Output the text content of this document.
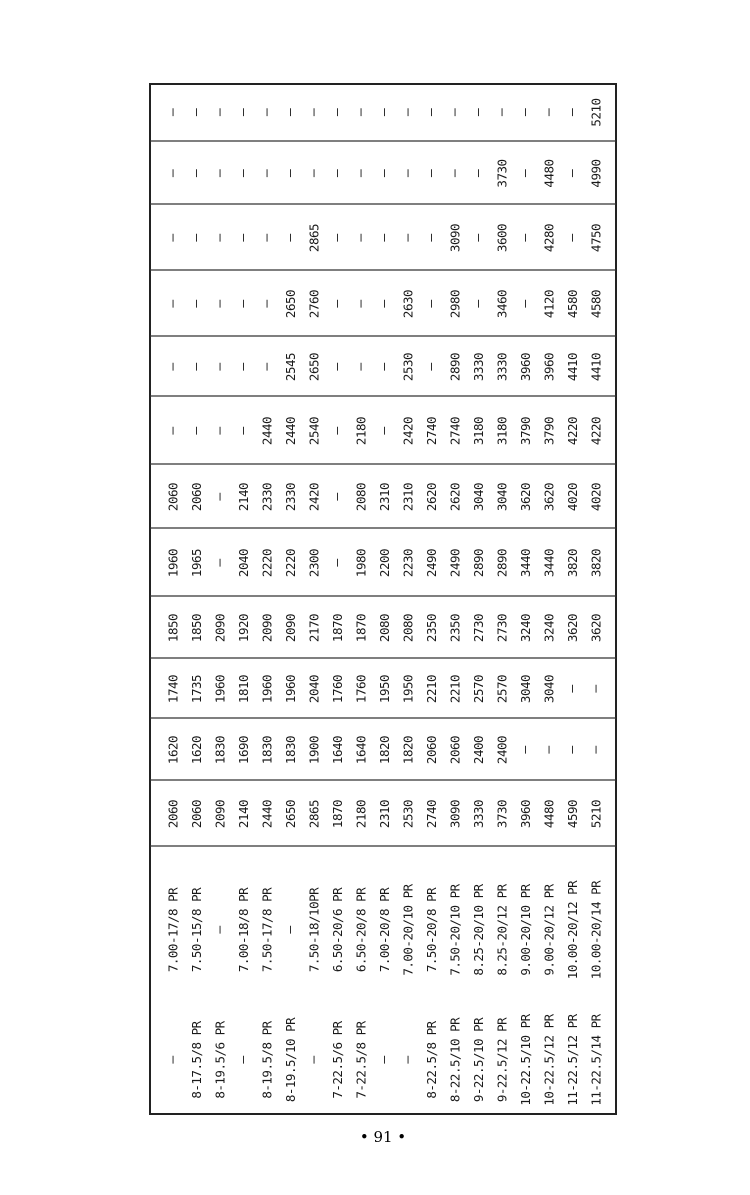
— 8-17.5/8 PR 8-19.5/6 PR — 8-19.5/8 PR 8-19.5/10 PR — 7-22.5/6 PR 7-22.5/8 PR — — 8-22.5/8 PR 8-22.5/10 PR 9-22.5/10 PR 9-22.5/12 PR 10-22.5/10 PR 10-22.5/12 PR 11-22.5/12 PR 11-22.5/14 PR
7.00-17/8 PR 7.50-15/8 PR — 7.00-18/8 PR 7.50-17/8 PR — 7.50-18/10PR 6.50-20/6 PR 6.50-20/8 PR 7.00-20/8 PR 7.00-20/10 PR 7.50-20/8 PR 7.50-20/10 PR 8.25-20/10 PR 8.25-20/12 PR 9.00-20/10 PR 9.00-20/12 PR 10.00-20/12 PR 10.00-20/14 PR
2060 2060 2090 2140 2440 2650 2865 1870 2180 2310 2530 2740 3090 3330 3730 3960 4480 4590 5210
1620 1620 1830 1690 1830 1830 1900 1640 1640 1820 1820 2060 2060 2400 2400 — — — —
1740 1735 1960 1810 1960 1960 2040 1760 1760 1950 1950 2210 2210 2570 2570 3040 3040 — —
1850 1850 2090 1920 2090 2090 2170 1870 1870 2080 2080 2350 2350 2730 2730 3240 3240 3620 3620
1960 1965 — 2040 2220 2220 2300 — 1980 2200 2230 2490 2490 2890 2890 3440 3440 3820 3820
2060 2060 — 2140 2330 2330 2420 — 2080 2310 2310 2620 2620 3040 3040 3620 3620 4020 4020
— — — — 2440 2440 2540 — 2180 — 2420 2740 2740 3180 3180 3790 3790 4220 4220
— — — — — 2545 2650 — — — 2530 — 2890 3330 3330 3960 3960 4410 4410
— — — — — 2650 2760 — — — 2630 — 2980 — 3460 — 4120 4580 4580
— — — — — — 2865 — — — — — 3090 — 3600 — 4280 — 4750
— — — — — — — — — — — — — — 3730 — 4480 — 4990
— — — — — — — — — — — — — — — — — — 5210
• 91 •
